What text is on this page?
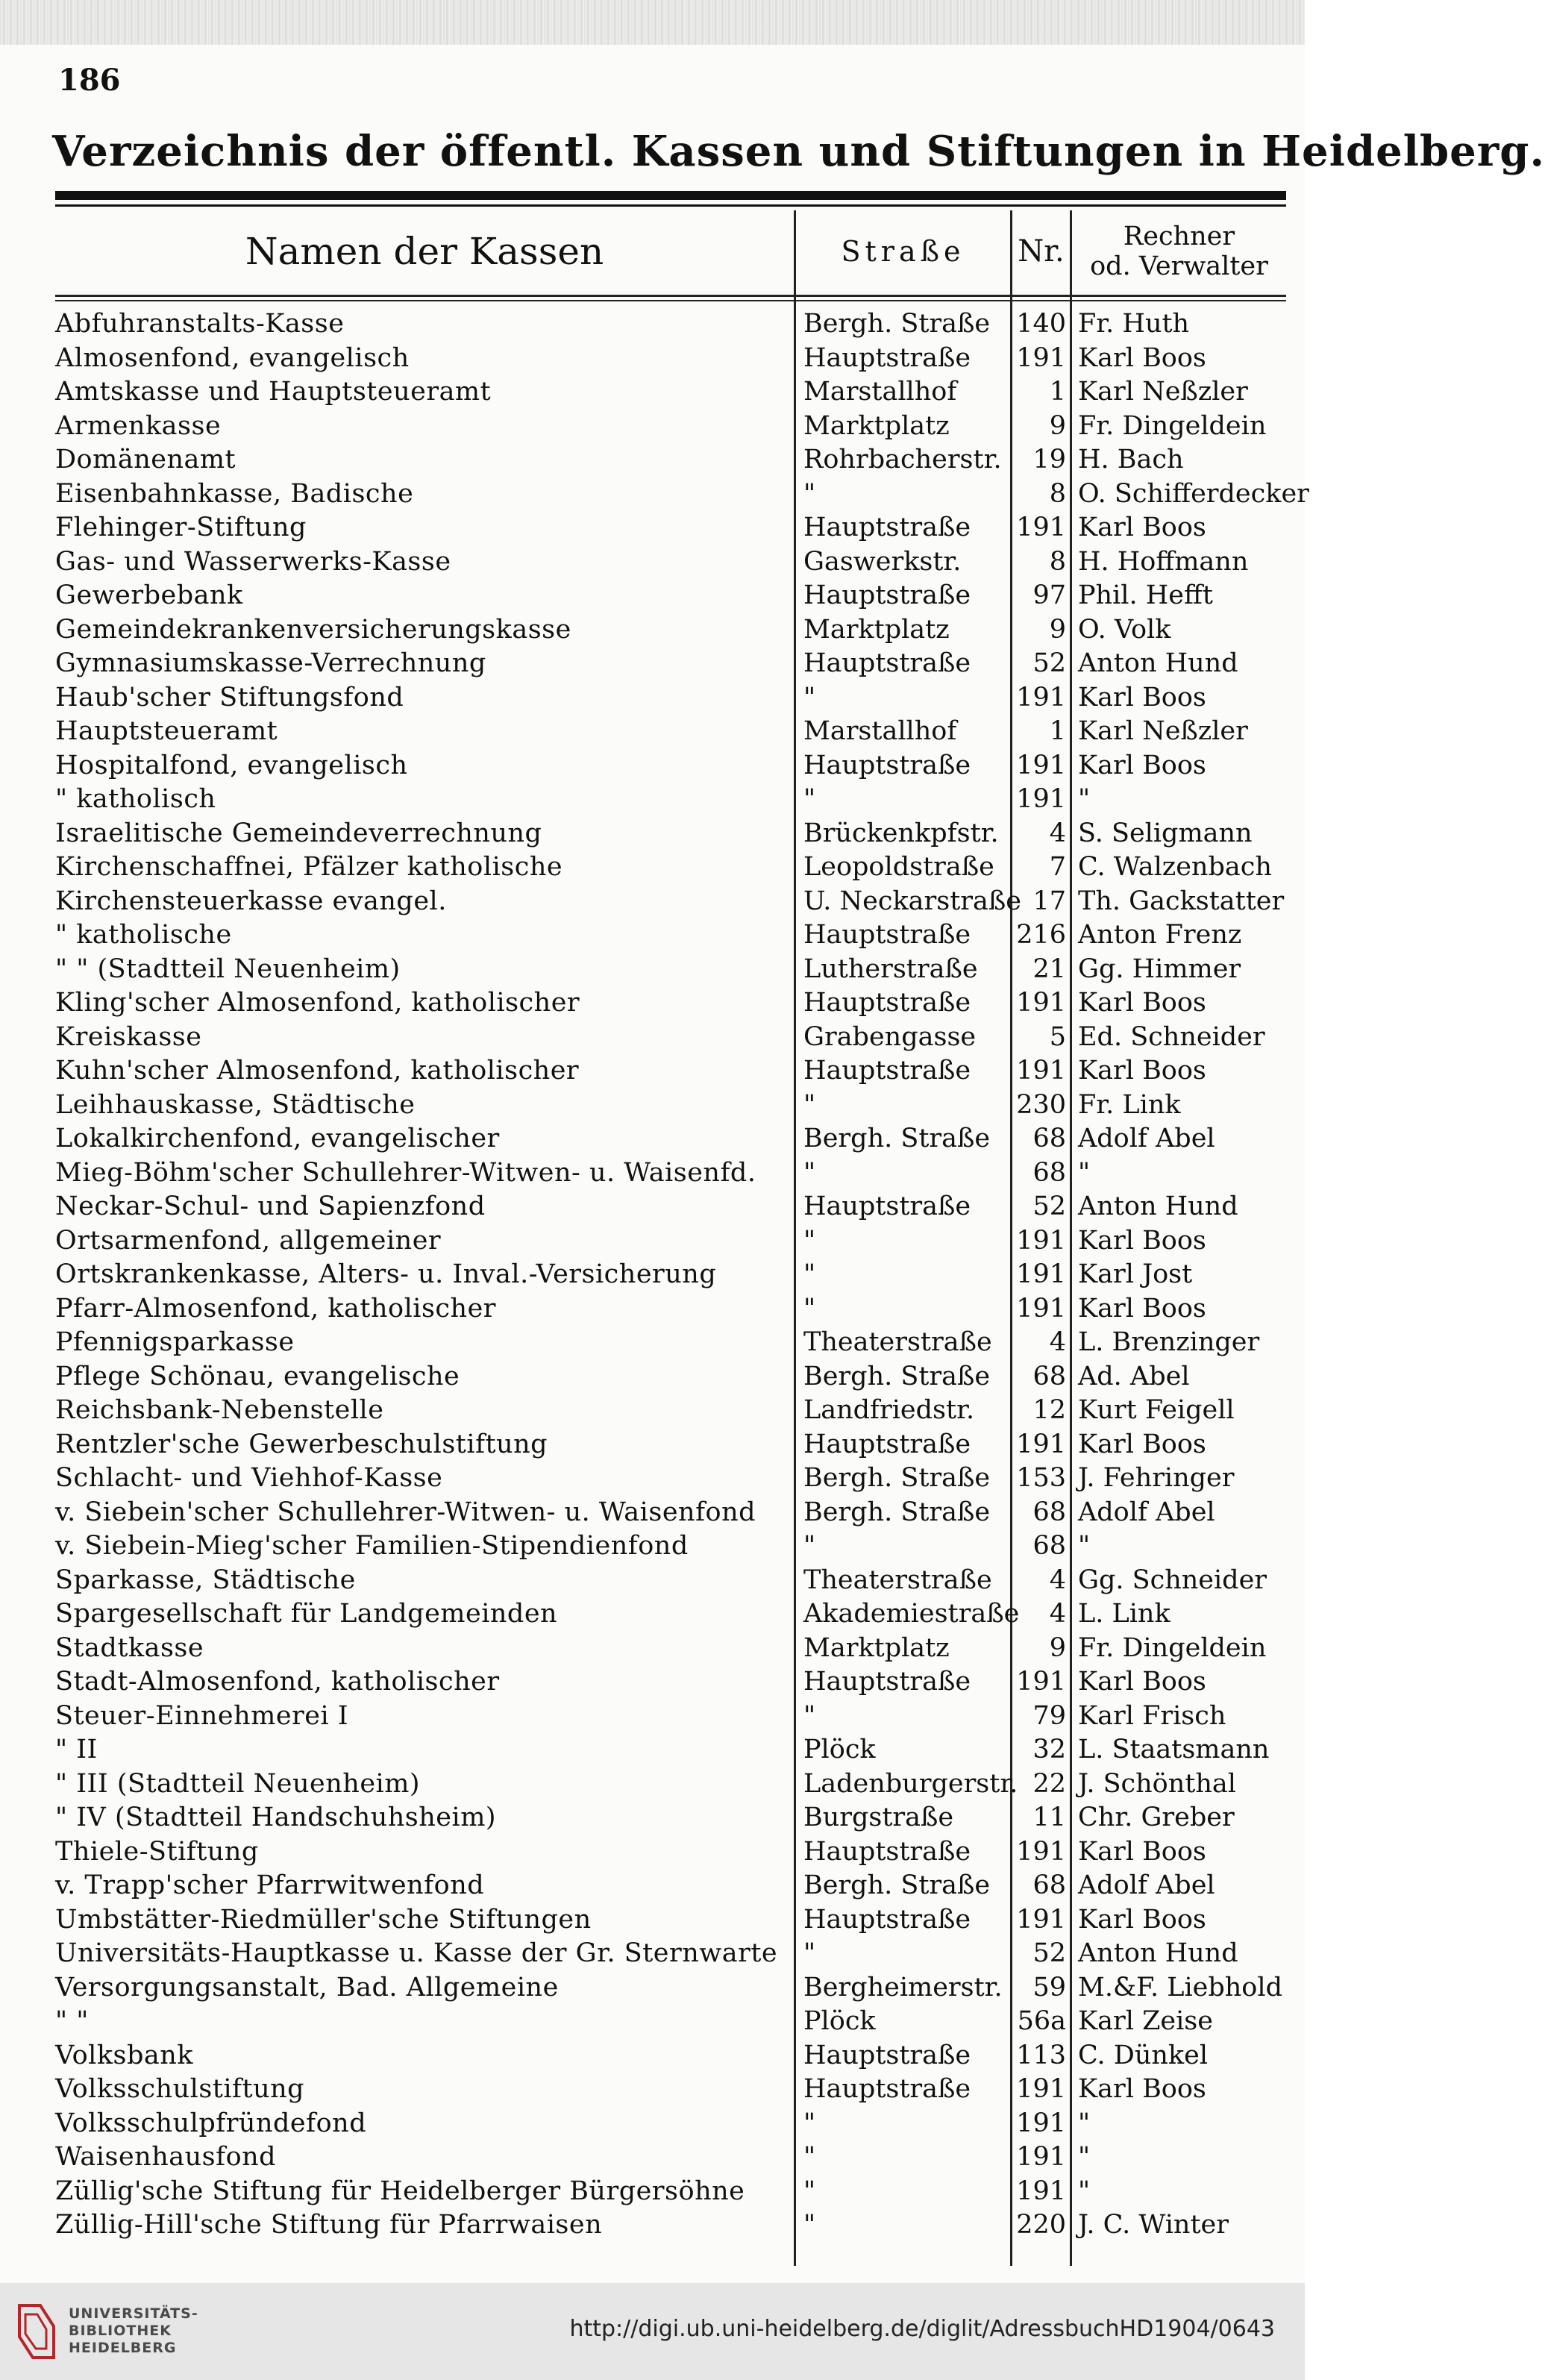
186
Verzeichnis der öffentl. Kassen und Stiftungen in Heidelberg.
Namen der Kassen	Straße	Nr. Rechner
od. Verwalter
Abfuhranstalts-Kasse	Bergh. Straße	140 Fr. Huth
Almosenfond, evangelisch	Hauptstraße	191 Karl Boos
Amtskasse und Hauptsteueramt	Marstallhof	1 Karl Neßzler
Armenkasse	Marktplatz	9 Fr. Dingeldein
Domänenamt	Rohrbacherstr.	19 H. Bach
Eisenbahnkasse, Badische	"	8 O. Schifferdecker
Flehinger-Stiftung	Hauptstraße	191 Karl Boos
Gas- und Wasserwerks-Kasse	Gaswerkstr.	8 H. Hoffmann
Gewerbebank	Hauptstraße	97 Phil. Hefft
Gemeindekrankenversicherungskasse	Marktplatz	9 O. Volk
Gymnasiumskasse-Verrechnung	Hauptstraße	52 Anton Hund
Haub'scher Stiftungsfond	"	191 Karl Boos
Hauptsteueramt	Marstallhof	1 Karl Neßzler
Hospitalfond, evangelisch	Hauptstraße	191 Karl Boos
" katholisch	"	191 "
Israelitische Gemeindeverrechnung	Brückenkpfstr.	4 S. Seligmann
Kirchenschaffnei, Pfälzer katholische	Leopoldstraße	7 C. Walzenbach
Kirchensteuerkasse evangel.	U. Neckarstraße 17 Th. Gackstatter
" katholische	Hauptstraße	216 Anton Frenz
" " (Stadtteil Neuenheim)	Lutherstraße	21 Gg. Himmer
Kling'scher Almosenfond, katholischer	Hauptstraße	191 Karl Boos
Kreiskasse	Grabengasse	5 Ed. Schneider
Kuhn'scher Almosenfond, katholischer	Hauptstraße	191 Karl Boos
Leihhauskasse, Städtische	"	230 Fr. Link
Lokalkirchenfond, evangelischer	Bergh. Straße	68 Adolf Abel
Mieg-Böhm'scher Schullehrer-Witwen- u. Waisenfd.	"	68 "
Neckar-Schul- und Sapienzfond	Hauptstraße	52 Anton Hund
Ortsarmenfond, allgemeiner	"	191 Karl Boos
Ortskrankenkasse, Alters- u. Inval.-Versicherung	"	191 Karl Jost
Pfarr-Almosenfond, katholischer	"	191 Karl Boos
Pfennigsparkasse	Theaterstraße	4 L. Brenzinger
Pflege Schönau, evangelische	Bergh. Straße	68 Ad. Abel
Reichsbank-Nebenstelle	Landfriedstr.	12 Kurt Feigell
Rentzler'sche Gewerbeschulstiftung	Hauptstraße	191 Karl Boos
Schlacht- und Viehhof-Kasse	Bergh. Straße	153 J. Fehringer
v. Siebein'scher Schullehrer-Witwen- u. Waisenfond	Bergh. Straße	68 Adolf Abel
v. Siebein-Mieg'scher Familien-Stipendienfond	"	68 "
Sparkasse, Städtische	Theaterstraße	4 Gg. Schneider
Spargesellschaft für Landgemeinden	Akademiestraße	4 L. Link
Stadtkasse	Marktplatz	9 Fr. Dingeldein
Stadt-Almosenfond, katholischer	Hauptstraße	191 Karl Boos
Steuer-Einnehmerei I	"	79 Karl Frisch
" II	Plöck	32 L. Staatsmann
" III (Stadtteil Neuenheim)	Ladenburgerstr. 22 J. Schönthal
" IV (Stadtteil Handschuhsheim)	Burgstraße	11 Chr. Greber
Thiele-Stiftung	Hauptstraße	191 Karl Boos
v. Trapp'scher Pfarrwitwenfond	Bergh. Straße	68 Adolf Abel
Umbstätter-Riedmüller'sche Stiftungen	Hauptstraße	191 Karl Boos
Universitäts-Hauptkasse u. Kasse der Gr. Sternwarte "	52 Anton Hund
Versorgungsanstalt, Bad. Allgemeine	Bergheimerstr.	59 M.&F. Liebhold
" "	Plöck	56a Karl Zeise
Volksbank	Hauptstraße	113 C. Dünkel
Volksschulstiftung	Hauptstraße	191 Karl Boos
Volksschulpfründefond	"	191 "
Waisenhausfond	"	191 "
Züllig'sche Stiftung für Heidelberger Bürgersöhne	"	191 "
Züllig-Hill'sche Stiftung für Pfarrwaisen	"	220 J. C. Winter
UNIVERSITÄTS-
BIBLIOTHEK
HEIDELBERG
http://digi.ub.uni-heidelberg.de/diglit/AdressbuchHD1904/0643
